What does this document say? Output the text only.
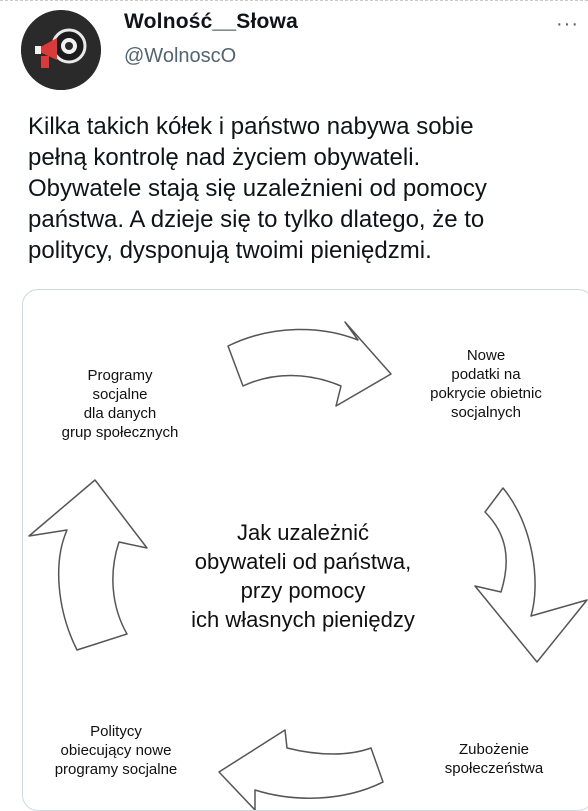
Wolność__Słowa
@WolnoscO
···
Kilka takich kółek i państwo nabywa sobie
pełną kontrolę nad życiem obywateli.
Obywatele stają się uzależnieni od pomocy
państwa. A dzieje się to tylko dlatego, że to
politycy, dysponują twoimi pieniędzmi.
Programy
socjalne
dla danych
grup społecznych
Nowe
podatki na
pokrycie obietnic
socjalnych
Zubożenie
społeczeństwa
Politycy
obiecujący nowe
programy socjalne
Jak uzależnić
obywateli od państwa,
przy pomocy
ich własnych pieniędzy
